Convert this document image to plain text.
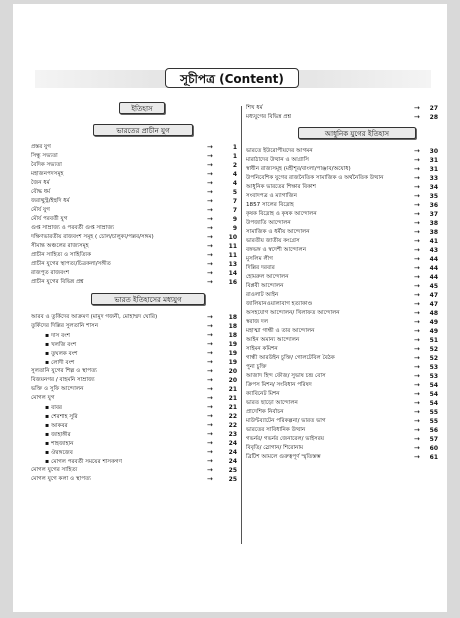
সূচীপত্র (Content)
ইতিহাস
ভারতের প্রাচীন যুগ
প্রস্তর যুগ	→	1
সিন্ধু সভ্যতা	→	1
বৈদিক সভ্যতা	→	2
মহাজনপদসমূহ	→	4
জৈন ধর্ম	→	4
বৌদ্ধ ধর্ম	→	5
জরাথুস্ট্র/ইহুদি ধর্ম	→	7
মৌর্য যুগ	→	7
মৌর্য পরবর্তী যুগ	→	9
গুপ্ত সাম্রাজ্য ও পরবর্তী গুপ্ত সাম্রাজ্য	→	9
দক্ষিণভারতীয় রাজবংশ সমূহ ( চোল/চালুক্য/পল্লব/সঙ্গম)	→	10
সীমান্ত অঞ্চলের রাজ্যসমূহ	→	11
প্রাচীন সাহিত্য ও সাহিত্যিক	→	11
প্রাচীন যুগের স্থাপত্য/চিত্রকলা/সঙ্গীত	→	13
রাজপুত রাজবংশ	→	14
প্রাচীন যুগের বিভিন্ন প্রশ্ন	→	16
ভারত ইতিহাসের মধ্যযুগ
আরব ও তুর্কিদের আক্রমণ (মামুদ গজনী, মোহাম্মদ ঘোরি)	→	18
তুর্কিদের দিল্লির সুলতানি শাসন	→	18
▪ দাস বংশ	→	18
▪ খলজি বংশ	→	19
▪ তুঘলক বংশ	→	19
▪ লোদী বংশ	→	19
সুলতানি যুগের শিল্প ও স্থাপত্য	→	20
বিজয়নগর / বাহমনি সাম্রাজ্য	→	20
ভক্তি ও সুফি আন্দোলন	→	21
মোগল যুগ	→	21
▪ বাবর	→	21
▪ শেরশাহ সুরি	→	22
▪ আকবর	→	22
▪ জাহাঙ্গীর	→	23
▪ শাহজাহান	→	24
▪ ঔরঙ্গজেব	→	24
▪ মোগল পরবর্তী সময়ের শাসকগণ	→	24
মোগল যুগের সাহিত্য	→	25
মোগল যুগে কলা ও স্থাপত্য	→	25
শিখ ধর্ম	→	27
মধ্যযুগের বিভিন্ন প্রশ্ন	→	28
আধুনিক যুগের ইতিহাস
ভারতে ইউরোপীয়দের আগমন	→	30
মারাঠাদের উত্থান ও আগ্রাসি	→	31
স্বাধীন রাজ্যসমূহ (মহীশূর/বাংলা/পাঞ্জাব/অযোধ)	→	31
উপনিবেশিক যুগের রাজনৈতিক সামাজিক ও অর্থনৈতিক উত্থান	→	33
আধুনিক ভারতের শিক্ষার বিকাশ	→	34
সংবাদপত্র ও ম্যাগাজিন	→	35
1857 সালের বিদ্রোহ	→	36
কৃষক বিদ্রোহ ও কৃষক আন্দোলন	→	37
উপজাতি আন্দোলন	→	38
সামাজিক ও ধর্মীয় আন্দোলন	→	38
ভারতীয় জাতীয় কংগ্রেস	→	41
বঙ্গভঙ্গ ও স্বদেশী আন্দোলন	→	43
মুসলিম লীগ	→	44
দিল্লির দরবার	→	44
হোমরুল আন্দোলন	→	44
বিপ্লবী আন্দোলন	→	45
রাওলাট আইন	→	47
জালিয়ানওয়ালাবাগ হত্যাকাণ্ড	→	47
অসহযোগ আন্দোলন/ খিলাফত আন্দোলন	→	48
স্বরাজ দল	→	49
মহাত্মা গান্ধী ও তার আন্দোলন	→	49
আইন অমান্য আন্দোলন	→	51
সাইমন কমিশন	→	52
গান্ধী আরউইন চুক্তি/ গোলটেবিল বৈঠক	→	52
পুনা চুক্তি	→	53
আজাদ হিন্দ ফৌজ/ সুভাষ চন্দ্র বোস	→	53
ক্রিপস মিশন/ সংবিধান পরিষদ	→	54
ক্যাবিনেট মিশন	→	54
ভারত ছাড়ো আন্দোলন	→	54
প্রাদেশিক নির্বাচন	→	55
মাউন্টব্যাটেন পরিকল্পনা/ ভারত ভাগ	→	55
ভারতের সাবিধানিক উত্থান	→	56
গভর্নর/ গভর্নর জেনারেল/ ভাইসরয়	→	57
বিবৃতি/ স্লোগান/ শিরোনাম	→	60
ব্রিটিশ আমলে গুরুত্বপূর্ণ স্মৃতিস্তম্ভ	→	61
